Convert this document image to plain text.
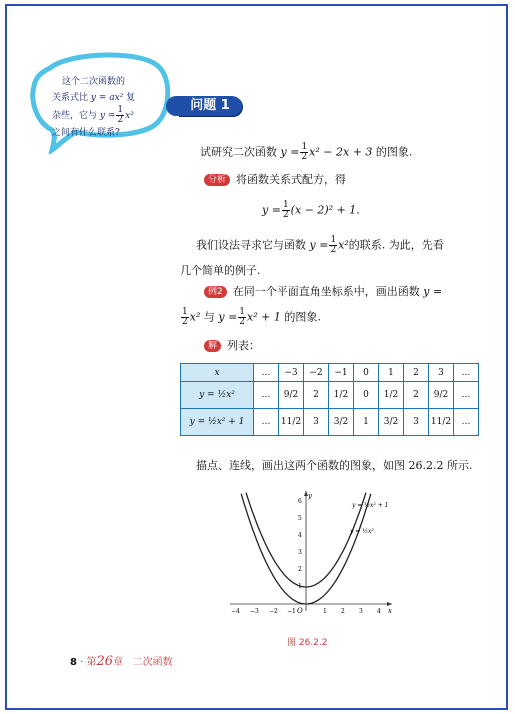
这个二次函数的
关系式比 y = ax² 复
杂些，它与 $y = \frac{1}{2} x^2$
之间有什么联系?
问题 1
试研究二次函数 $y = \frac{1}{2} x^2 - 2x + 3$ 的图象.
分析 将函数关系式配方，得
$y = \frac{1}{2} (x - 2)^2 + 1$.
我们设法寻求它与函数 $y = \frac{1}{2} x^2$的联系. 为此，先看
几个简单的例子.
例2 在同一个平面直角坐标系中，画出函数 y =
$\frac{1}{2} x^2$ 与 $y = \frac{1}{2} x^2 + 1$ 的图象.
解 列表：
x	…	−3	−2	−1	0	1	2	3	…
y = ½x²	…	9/2	2	1/2	0	1/2	2	9/2	…
y = ½x² + 1	…	11/2	3	3/2	1	3/2	3	11/2	…
描点、连线，画出这两个函数的图象，如图 26.2.2 所示.
y
x
O
−4 −3 −2 −1	1 2 3 4
1
2
3
4
5
6
y = ½x² + 1
y = ½x²
图 26.2.2
8 · 第26章 二次函数
